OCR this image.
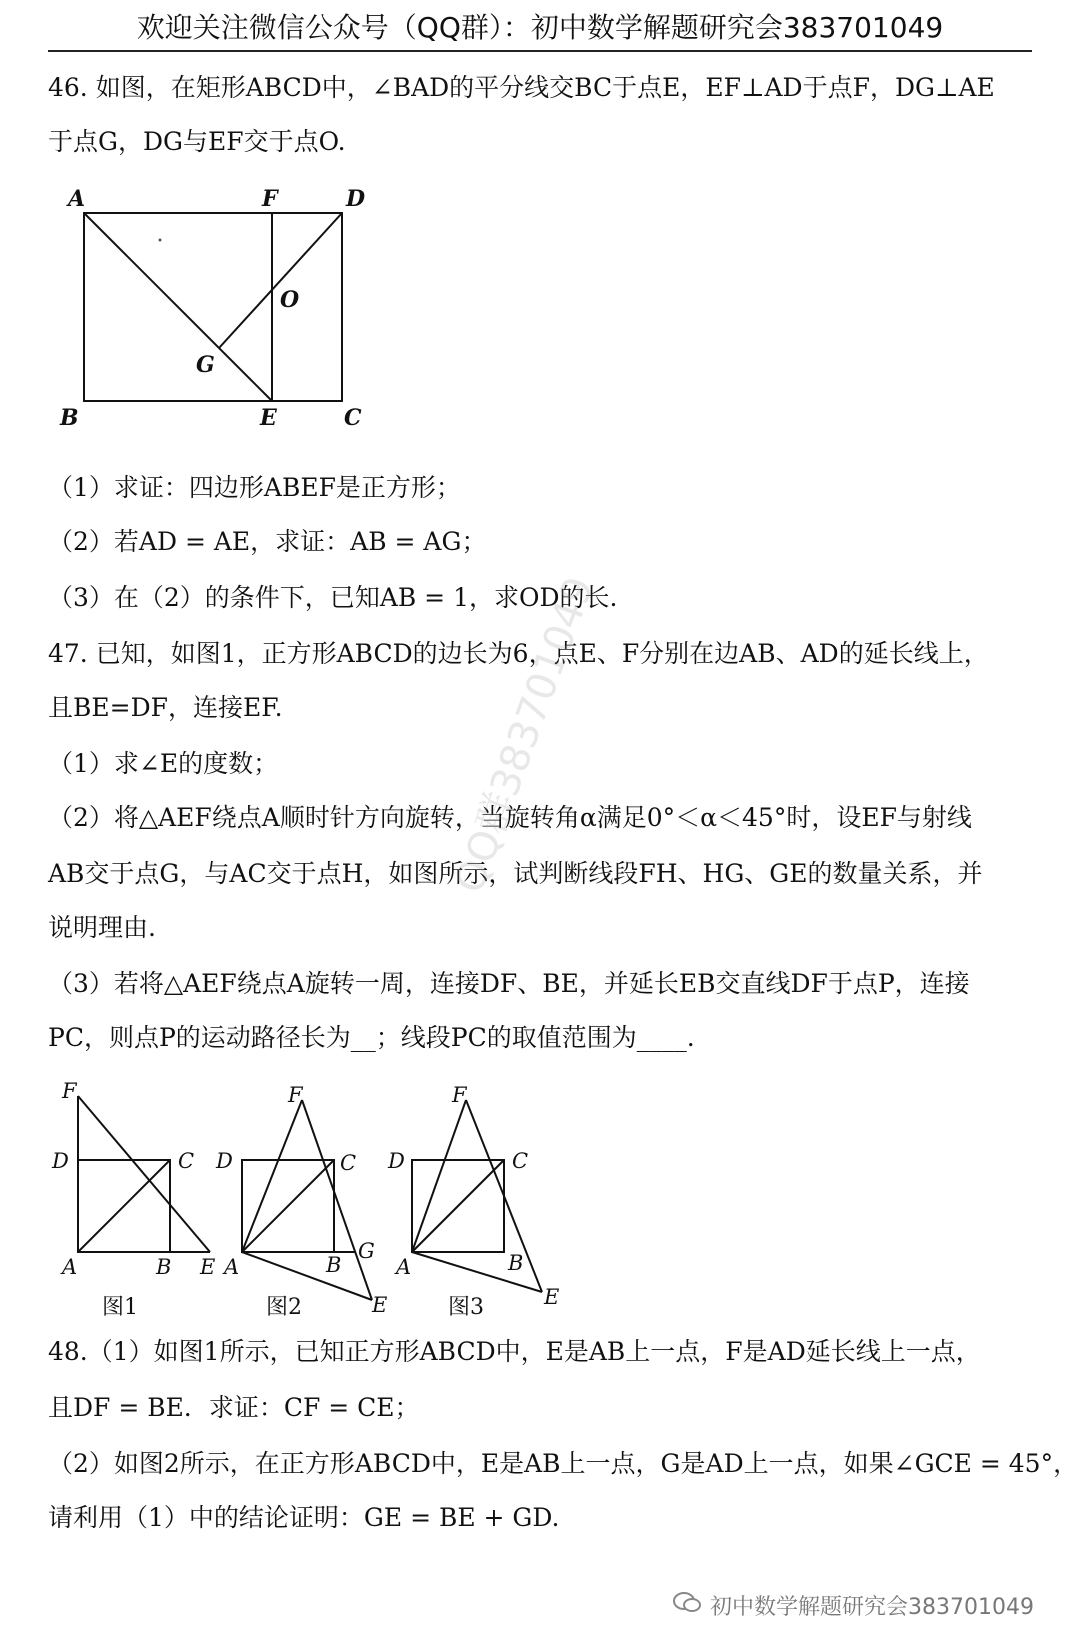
欢迎关注微信公众号（QQ群）：初中数学解题研究会383701049
46. 如图，在矩形ABCD中，∠BAD的平分线交BC于点E，EF⊥AD于点F，DG⊥AE
于点G，DG与EF交于点O.
A	F	D
O
G
B	E	C
（1）求证：四边形ABEF是正方形；
（2）若AD = AE，求证：AB = AG；
（3）在（2）的条件下，已知AB = 1，求OD的长.
47. 已知，如图1，正方形ABCD的边长为6，点E、F分别在边AB、AD的延长线上，
且BE=DF，连接EF.
（1）求∠E的度数；
（2）将△AEF绕点A顺时针方向旋转，当旋转角α满足0°＜α＜45°时，设EF与射线
AB交于点G，与AC交于点H，如图所示，试判断线段FH、HG、GE的数量关系，并
说明理由.
（3）若将△AEF绕点A旋转一周，连接DF、BE，并延长EB交直线DF于点P，连接
PC，则点P的运动路径长为__；线段PC的取值范围为____.
F
D	C
A	B E
图1
F
D	C
G
A	B
E
图2
F
D	C
A	B
E
图3
48.（1）如图1所示，已知正方形ABCD中，E是AB上一点，F是AD延长线上一点，
且DF = BE．求证：CF = CE；
（2）如图2所示，在正方形ABCD中，E是AB上一点，G是AD上一点，如果∠GCE = 45°，
请利用（1）中的结论证明：GE = BE + GD.
QQ群383701049
初中数学解题研究会383701049
